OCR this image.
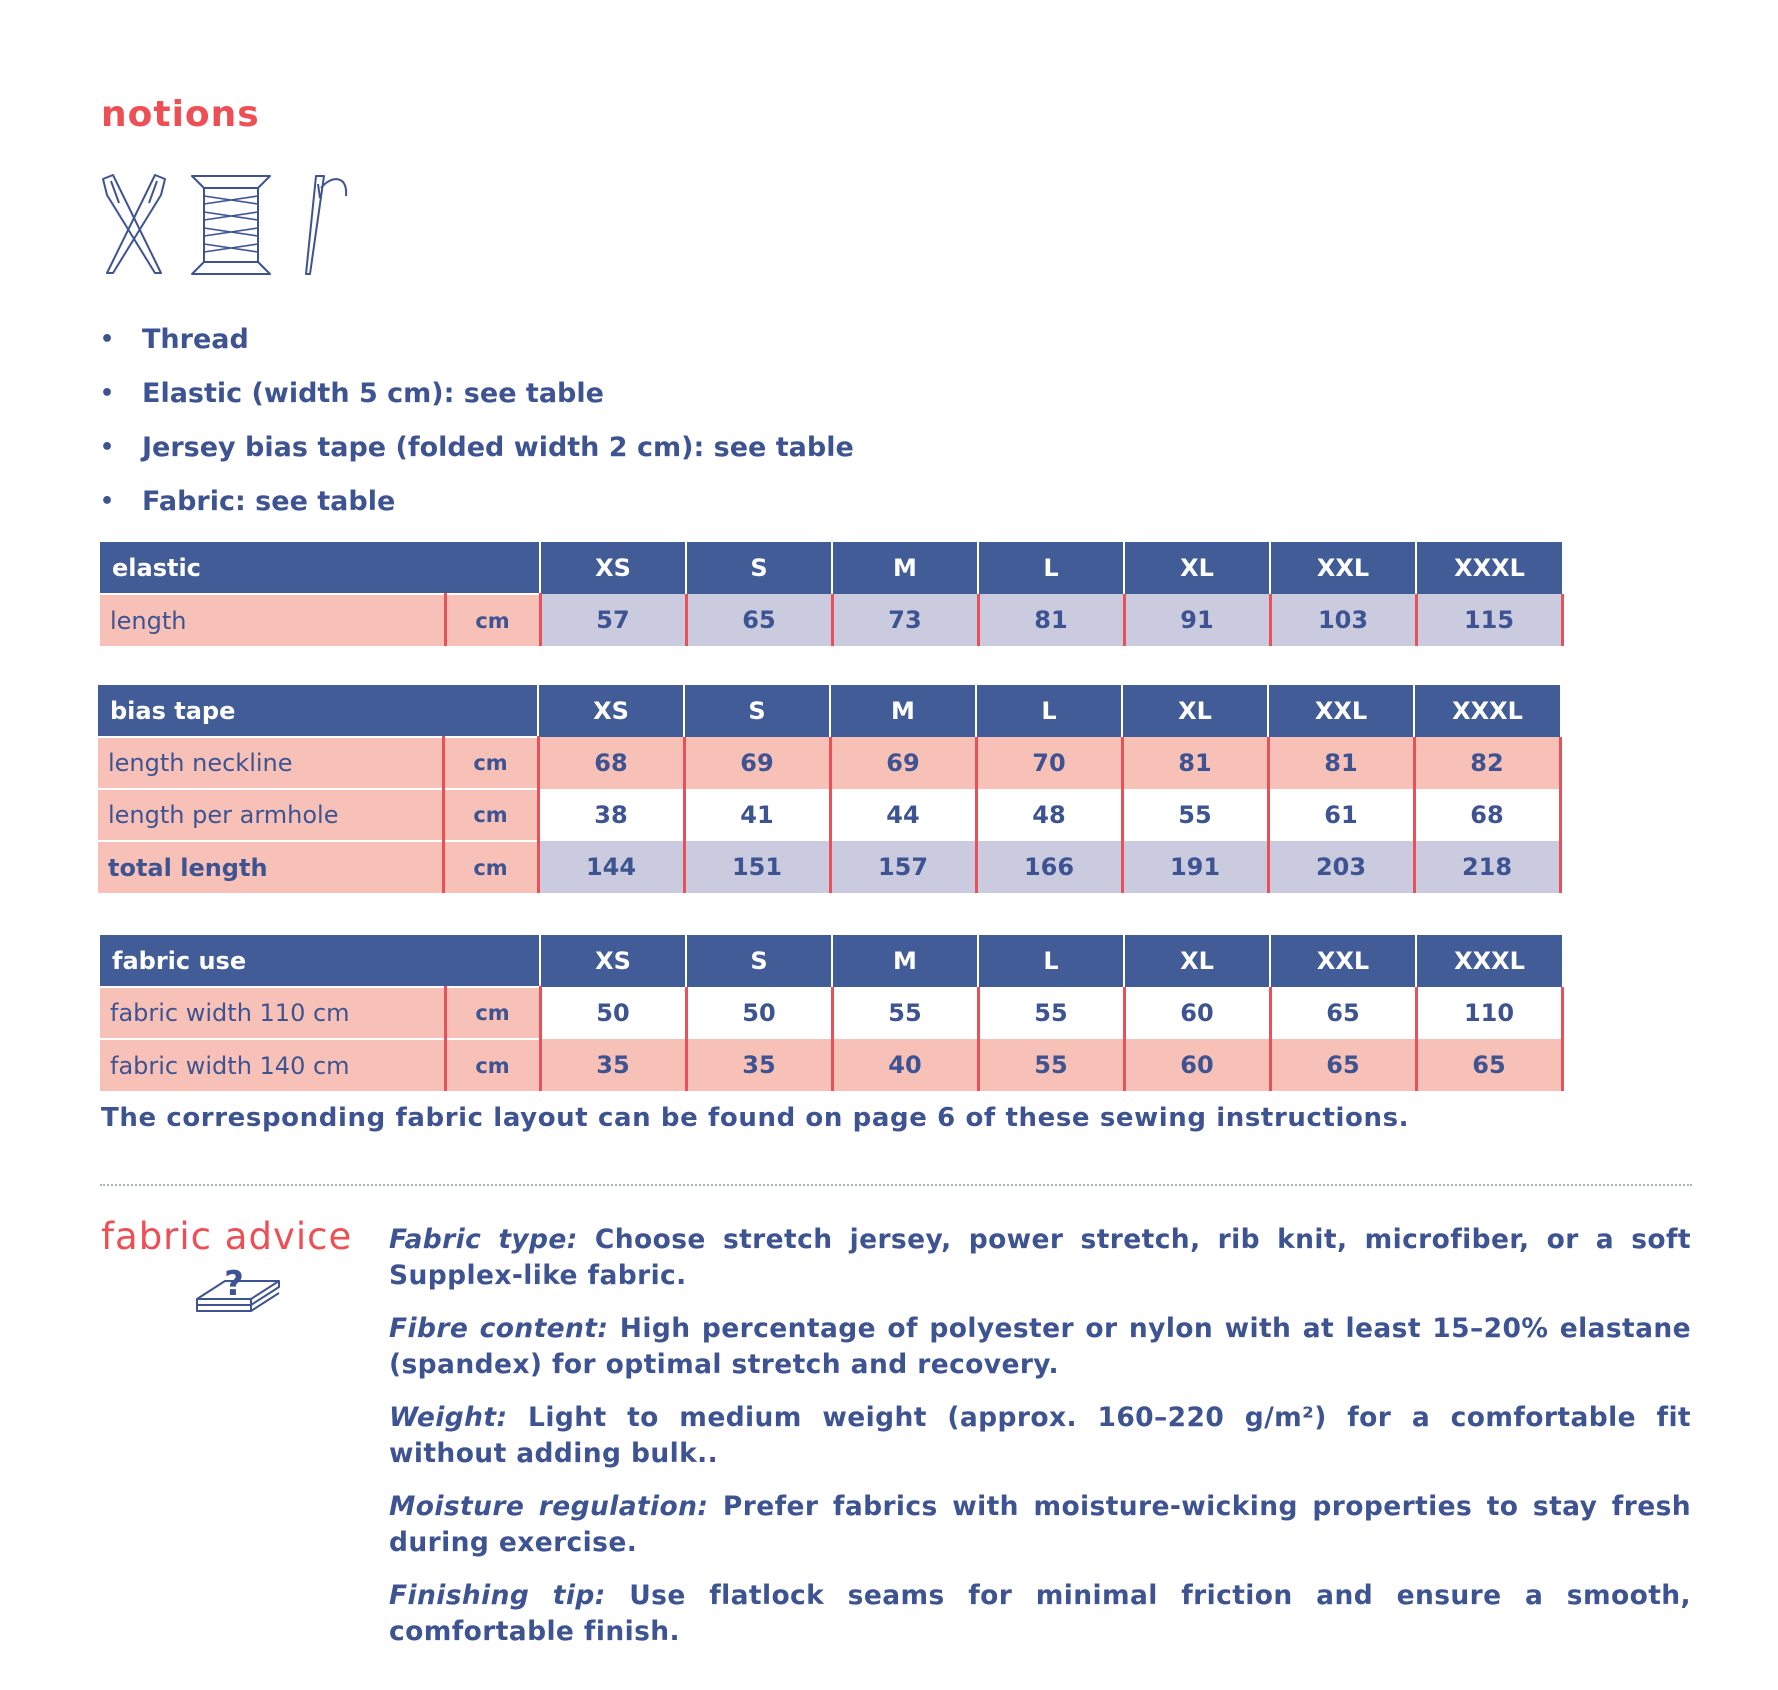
notions
•	Thread
•	Elastic (width 5 cm): see table
•	Jersey bias tape (folded width 2 cm): see table
•	Fabric: see table
elastic		XS	S	M	L	XL	XXL	XXXL
length	cm	57	65	73	81	91	103	115
bias tape		XS	S	M	L	XL	XXL	XXXL
length neckline	cm	68	69	69	70	81	81	82
length per armhole	cm	38	41	44	48	55	61	68
total length	cm	144	151	157	166	191	203	218
fabric use		XS	S	M	L	XL	XXL	XXXL
fabric width 110 cm	cm	50	50	55	55	60	65	110
fabric width 140 cm	cm	35	35	40	55	60	65	65
The corresponding fabric layout can be found on page 6 of these sewing instructions.
fabric advice
?

Fabric type: Choose stretch jersey, power stretch, rib knit, microfiber, or a soft Supplex-like fabric.

Fibre content: High percentage of polyester or nylon with at least 15–20% elastane (spandex) for optimal stretch and recovery.

Weight: Light to medium weight (approx. 160–220 g/m²) for a comfortable fit without adding bulk..

Moisture regulation: Prefer fabrics with moisture-wicking properties to stay fresh during exercise.

Finishing tip: Use flatlock seams for minimal friction and ensure a smooth, comfortable finish.
